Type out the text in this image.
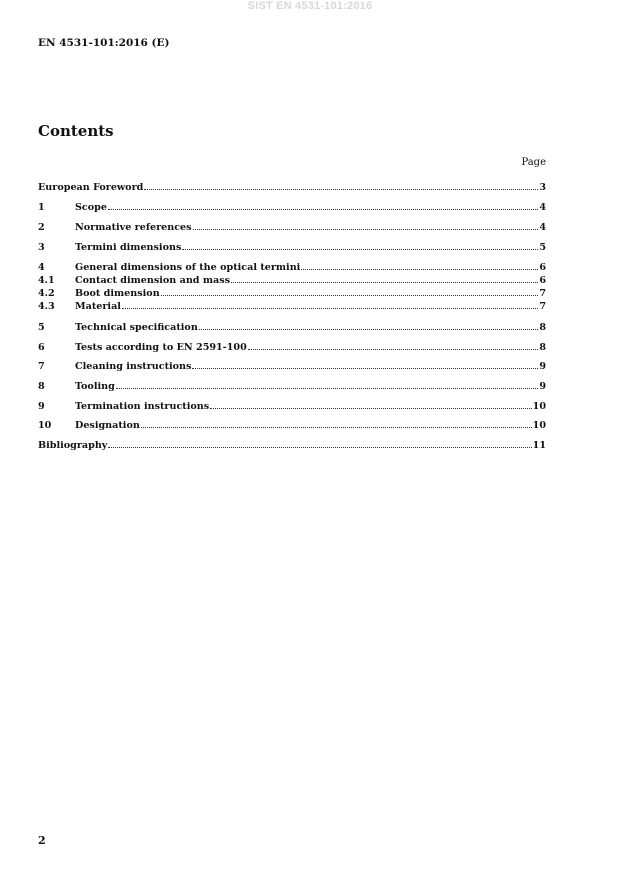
SIST EN 4531-101:2016
EN 4531-101:2016 (E)
Contents
Page
European Foreword	3
1	Scope	4
2	Normative references	4
3	Termini dimensions	5
4	General dimensions of the optical termini	6
4.1	Contact dimension and mass	6
4.2	Boot dimension	7
4.3	Material	7
5	Technical specification	8
6	Tests according to EN 2591-100	8
7	Cleaning instructions	9
8	Tooling	9
9	Termination instructions	10
10	Designation	10
Bibliography	11
2
